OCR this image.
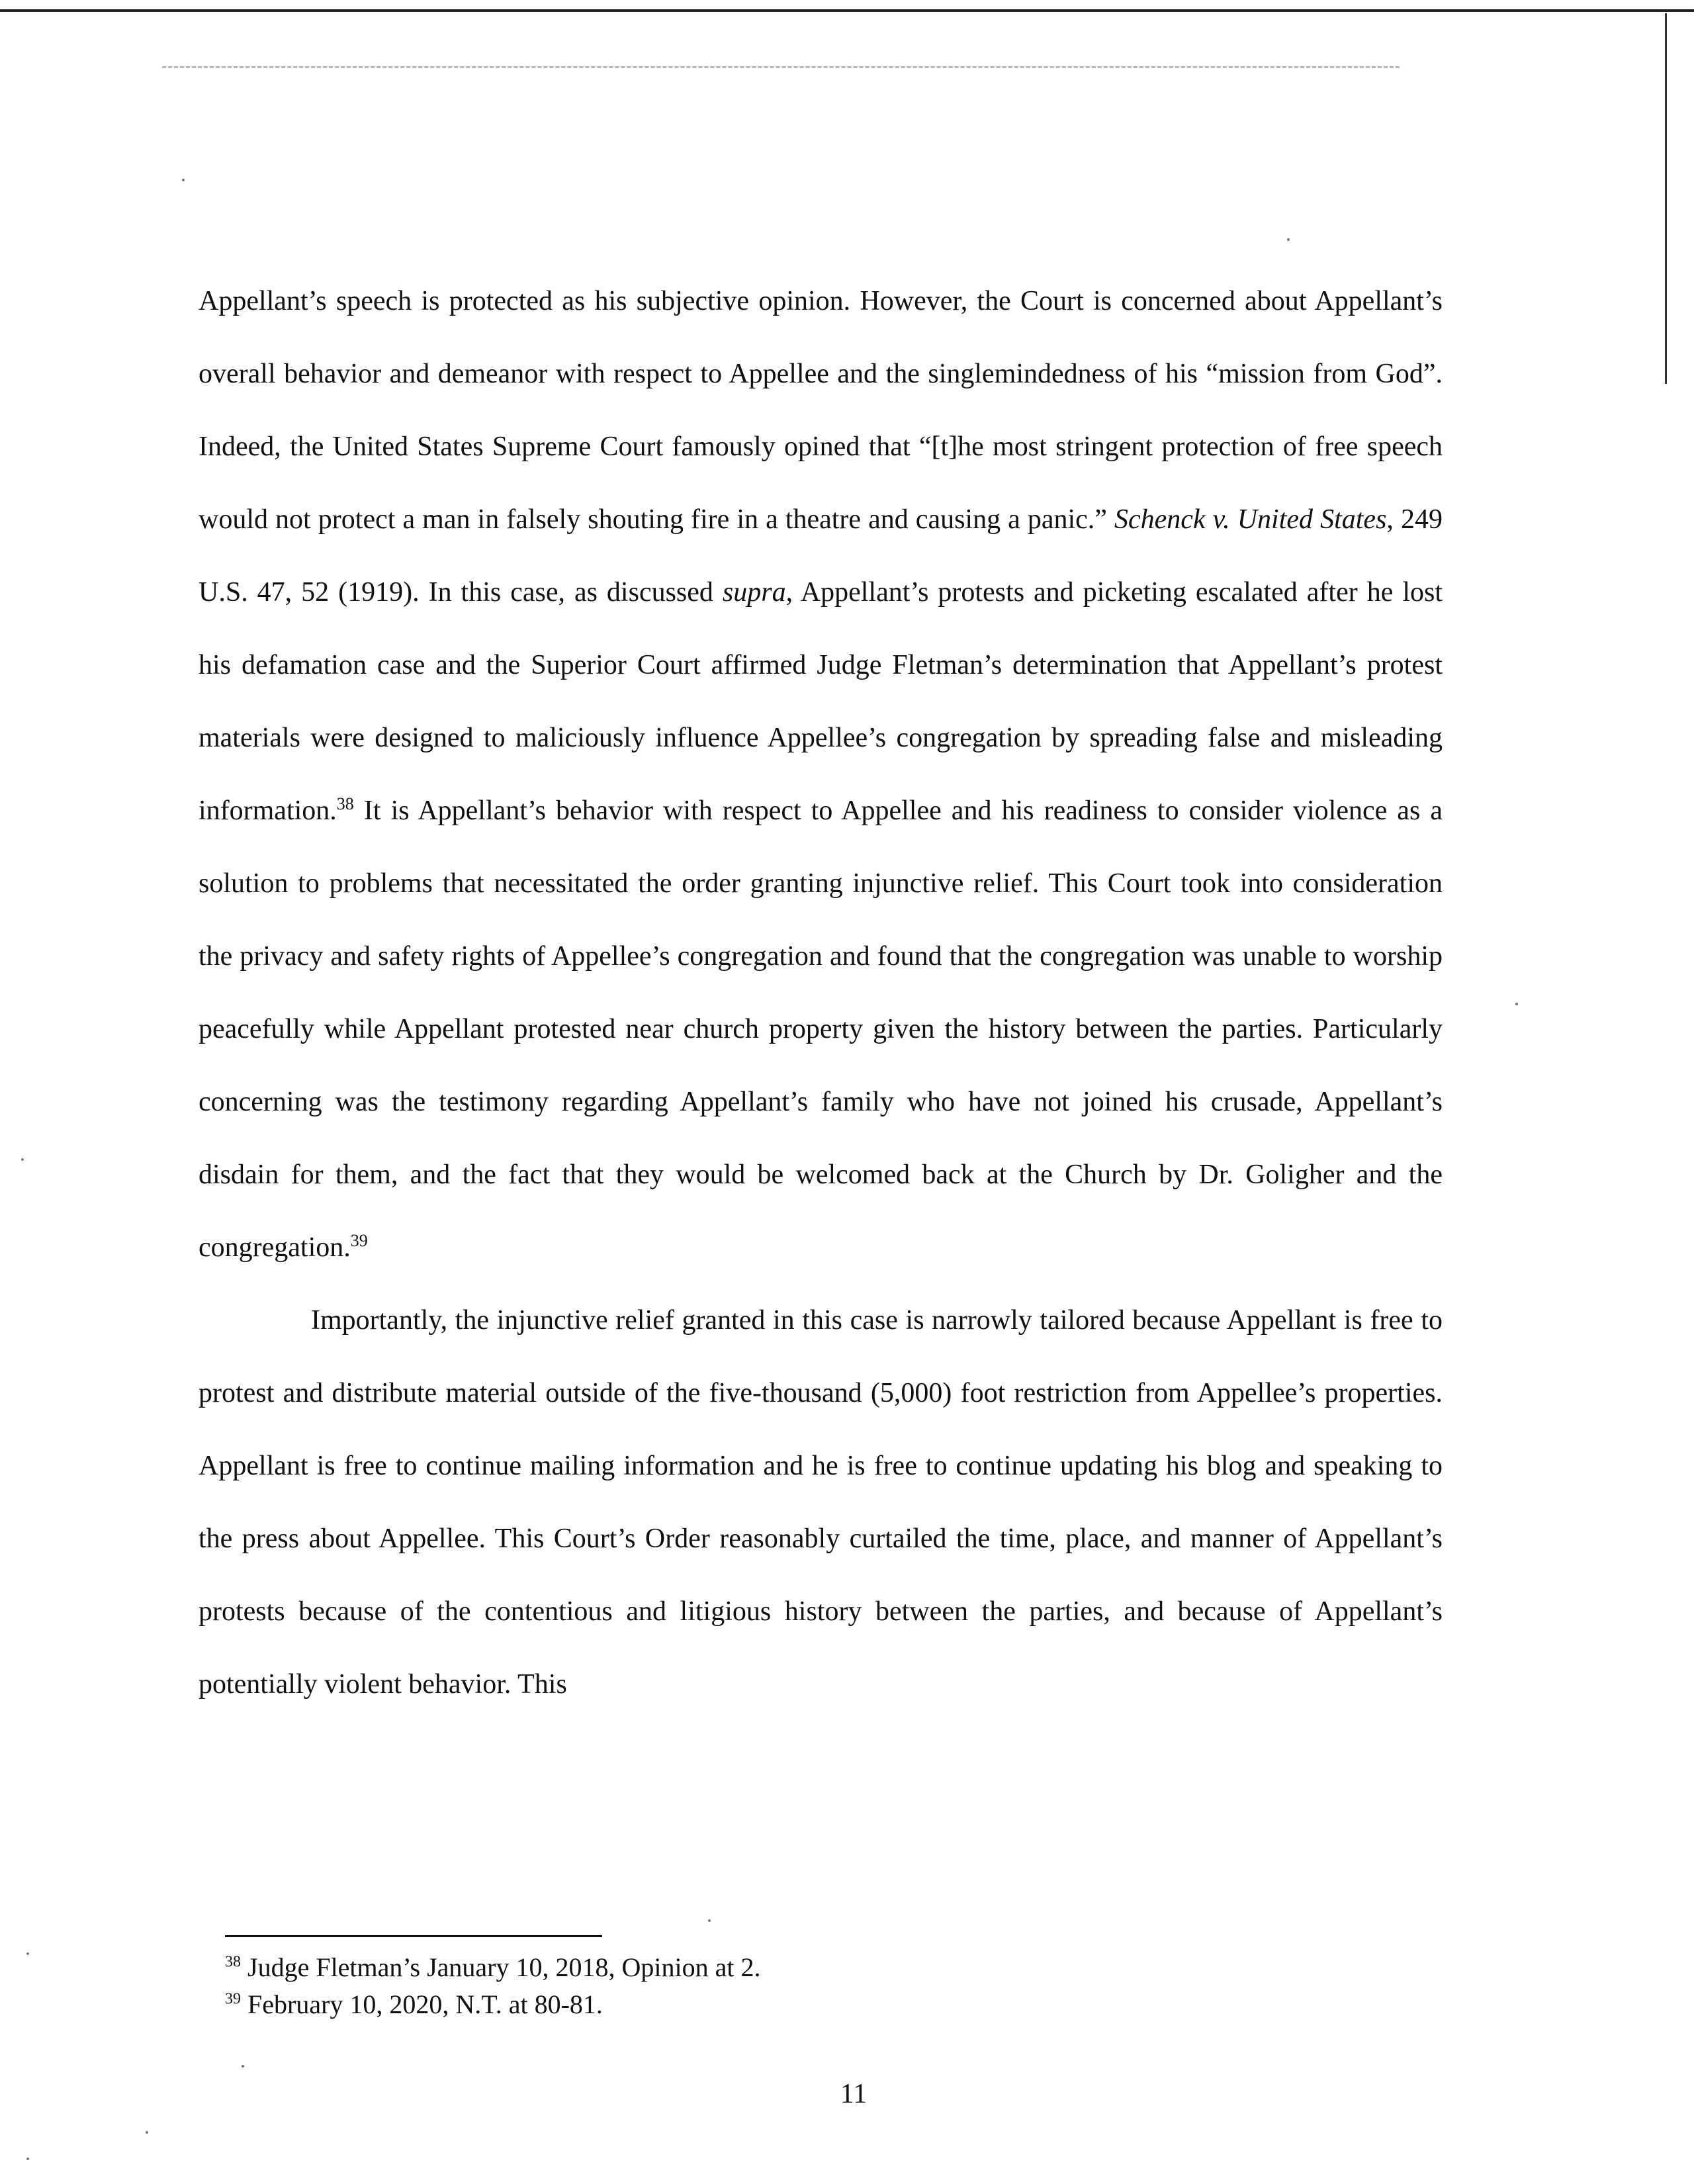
Appellant’s speech is protected as his subjective opinion. However, the Court is concerned about Appellant’s overall behavior and demeanor with respect to Appellee and the singlemindedness of his “mission from God”. Indeed, the United States Supreme Court famously opined that “[t]he most stringent protection of free speech would not protect a man in falsely shouting fire in a theatre and causing a panic.” Schenck v. United States, 249 U.S. 47, 52 (1919). In this case, as discussed supra, Appellant’s protests and picketing escalated after he lost his defamation case and the Superior Court affirmed Judge Fletman’s determination that Appellant’s protest materials were designed to maliciously influence Appellee’s congregation by spreading false and misleading information.$^{38}$ It is Appellant’s behavior with respect to Appellee and his readiness to consider violence as a solution to problems that necessitated the order granting injunctive relief. This Court took into consideration the privacy and safety rights of Appellee’s congregation and found that the congregation was unable to worship peacefully while Appellant protested near church property given the history between the parties. Particularly concerning was the testimony regarding Appellant’s family who have not joined his crusade, Appellant’s disdain for them, and the fact that they would be welcomed back at the Church by Dr. Goligher and the congregation.$^{39}$

Importantly, the injunctive relief granted in this case is narrowly tailored because Appellant is free to protest and distribute material outside of the five-thousand (5,000) foot restriction from Appellee’s properties. Appellant is free to continue mailing information and he is free to continue updating his blog and speaking to the press about Appellee. This Court’s Order reasonably curtailed the time, place, and manner of Appellant’s protests because of the contentious and litigious history between the parties, and because of Appellant’s potentially violent behavior. This

$^{38}$ Judge Fletman’s January 10, 2018, Opinion at 2.

$^{39}$ February 10, 2020, N.T. at 80-81.

11
